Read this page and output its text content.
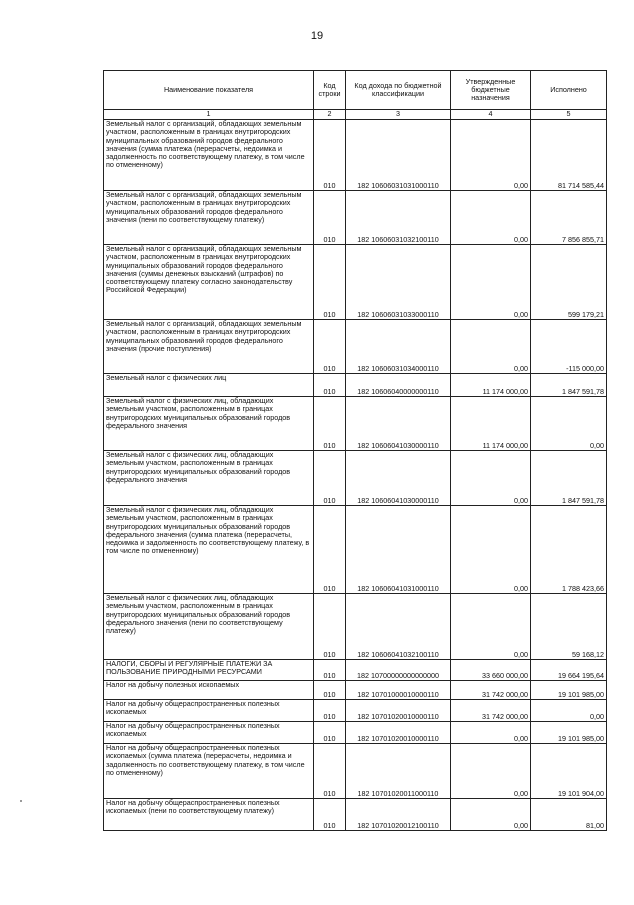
19
Наименование показателя	Код строки	Код дохода по бюджетной классификации	Утвержденные бюджетные назначения	Исполнено
1	2	3	4	5
Земельный налог с организаций, обладающих земельным участком, расположенным в границах внутригородских муниципальных образований городов федерального значения (сумма платежа (перерасчеты, недоимка и задолженность по соответствующему платежу, в том числе по отмененному)	010	182 10606031031000110	0,00	81 714 585,44
Земельный налог с организаций, обладающих земельным участком, расположенным в границах внутригородских муниципальных образований городов федерального значения (пени по соответствующему платежу)	010	182 10606031032100110	0,00	7 856 855,71
Земельный налог с организаций, обладающих земельным участком, расположенным в границах внутригородских муниципальных образований городов федерального значения (суммы денежных взысканий (штрафов) по соответствующему платежу согласно законодательству Российской Федерации)	010	182 10606031033000110	0,00	599 179,21
Земельный налог с организаций, обладающих земельным участком, расположенным в границах внутригородских муниципальных образований городов федерального значения (прочие поступления)	010	182 10606031034000110	0,00	-115 000,00
Земельный налог с физических лиц	010	182 10606040000000110	11 174 000,00	1 847 591,78
Земельный налог с физических лиц, обладающих земельным участком, расположенным в границах внутригородских муниципальных образований городов федерального значения	010	182 10606041030000110	11 174 000,00	0,00
Земельный налог с физических лиц, обладающих земельным участком, расположенным в границах внутригородских муниципальных образований городов федерального значения	010	182 10606041030000110	0,00	1 847 591,78
Земельный налог с физических лиц, обладающих земельным участком, расположенным в границах внутригородских муниципальных образований городов федерального значения (сумма платежа (перерасчеты, недоимка и задолженность по соответствующему платежу, в том числе по отмененному)	010	182 10606041031000110	0,00	1 788 423,66
Земельный налог с физических лиц, обладающих земельным участком, расположенным в границах внутригородских муниципальных образований городов федерального значения (пени по соответствующему платежу)	010	182 10606041032100110	0,00	59 168,12
НАЛОГИ, СБОРЫ И РЕГУЛЯРНЫЕ ПЛАТЕЖИ ЗА ПОЛЬЗОВАНИЕ ПРИРОДНЫМИ РЕСУРСАМИ	010	182 10700000000000000	33 660 000,00	19 664 195,64
Налог на добычу полезных ископаемых	010	182 10701000010000110	31 742 000,00	19 101 985,00
Налог на добычу общераспространенных полезных ископаемых	010	182 10701020010000110	31 742 000,00	0,00
Налог на добычу общераспространенных полезных ископаемых	010	182 10701020010000110	0,00	19 101 985,00
Налог на добычу общераспространенных полезных ископаемых (сумма платежа (перерасчеты, недоимка и задолженность по соответствующему платежу, в том числе по отмененному)	010	182 10701020011000110	0,00	19 101 904,00
Налог на добычу общераспространенных полезных ископаемых (пени по соответствующему платежу)	010	182 10701020012100110	0,00	81,00
